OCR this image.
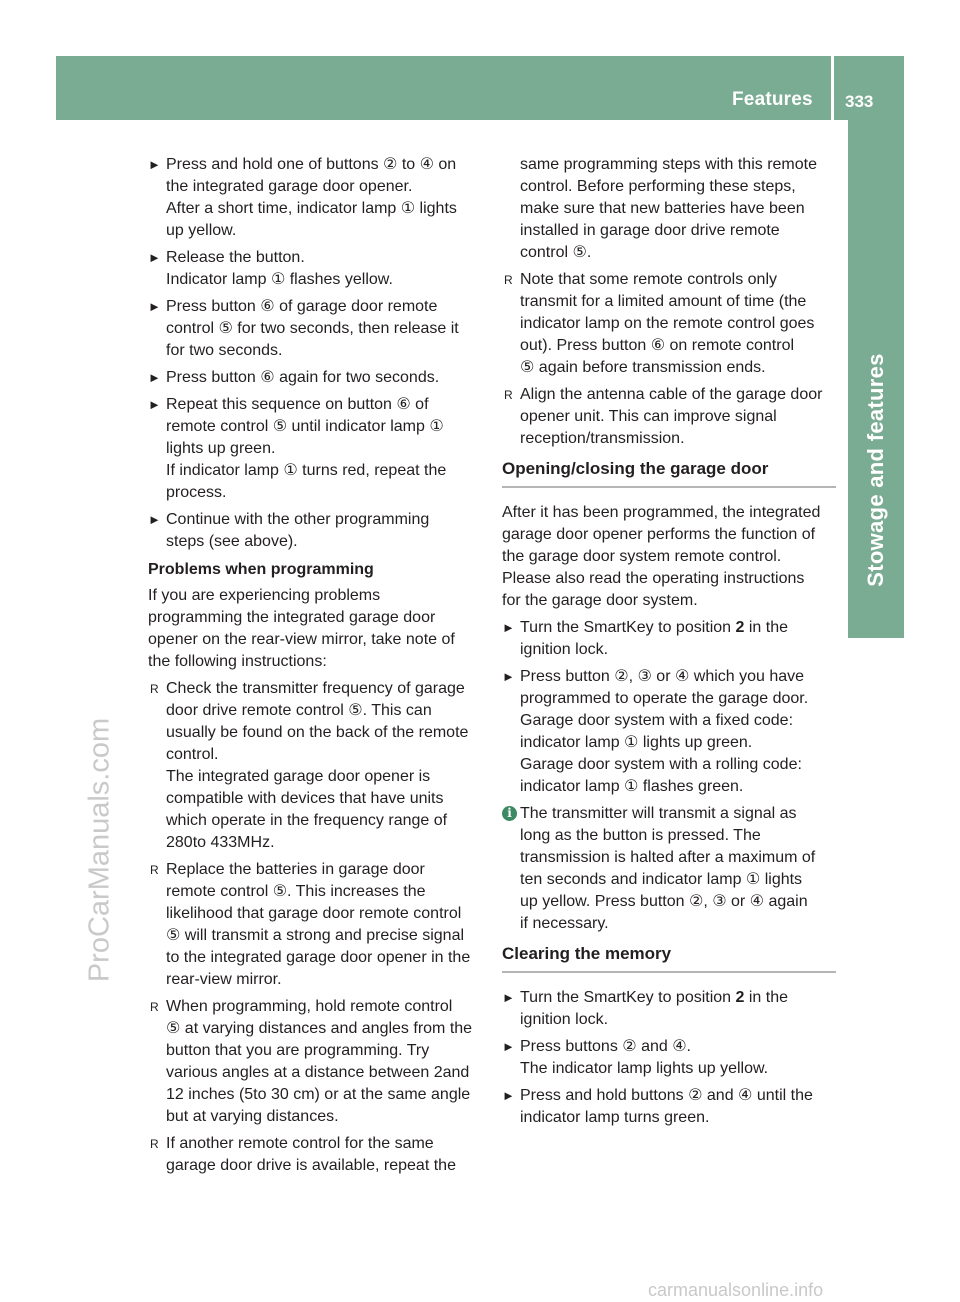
Features 333
Stowage and features
ProCarManuals.com
carmanualsonline.info
► Press and hold one of buttons ② to ④ on

the integrated garage door opener.

After a short time, indicator lamp ① lights

up yellow.

► Release the button.

Indicator lamp ① flashes yellow.

► Press button ⑥ of garage door remote

control ⑤ for two seconds, then release it

for two seconds.

► Press button ⑥ again for two seconds.

► Repeat this sequence on button ⑥ of

remote control ⑤ until indicator lamp ①

lights up green.

If indicator lamp ① turns red, repeat the

process.

► Continue with the other programming

steps (see above).

Problems when programming

If you are experiencing problems

programming the integrated garage door

opener on the rear-view mirror, take note of

the following instructions:

R Check the transmitter frequency of garage

door drive remote control ⑤. This can

usually be found on the back of the remote

control.

The integrated garage door opener is

compatible with devices that have units

which operate in the frequency range of

280to 433MHz.

R Replace the batteries in garage door

remote control ⑤. This increases the

likelihood that garage door remote control

⑤ will transmit a strong and precise signal

to the integrated garage door opener in the

rear-view mirror.

R When programming, hold remote control

⑤ at varying distances and angles from the

button that you are programming. Try

various angles at a distance between 2and

12 inches (5to 30 cm) or at the same angle

but at varying distances.

R If another remote control for the same

garage door drive is available, repeat the

same programming steps with this remote

control. Before performing these steps,

make sure that new batteries have been

installed in garage door drive remote

control ⑤.

R Note that some remote controls only

transmit for a limited amount of time (the

indicator lamp on the remote control goes

out). Press button ⑥ on remote control

⑤ again before transmission ends.

R Align the antenna cable of the garage door

opener unit. This can improve signal

reception/transmission.

Opening/closing the garage door

After it has been programmed, the integrated

garage door opener performs the function of

the garage door system remote control.

Please also read the operating instructions

for the garage door system.

► Turn the SmartKey to position 2 in the

ignition lock.

► Press button ②, ③ or ④ which you have

programmed to operate the garage door.

Garage door system with a fixed code:

indicator lamp ① lights up green.

Garage door system with a rolling code:

indicator lamp ① flashes green.

i The transmitter will transmit a signal as

long as the button is pressed. The

transmission is halted after a maximum of

ten seconds and indicator lamp ① lights

up yellow. Press button ②, ③ or ④ again

if necessary.

Clearing the memory
► Turn the SmartKey to position 2 in the

ignition lock.

► Press buttons ② and ④.

The indicator lamp lights up yellow.

► Press and hold buttons ② and ④ until the

indicator lamp turns green.
